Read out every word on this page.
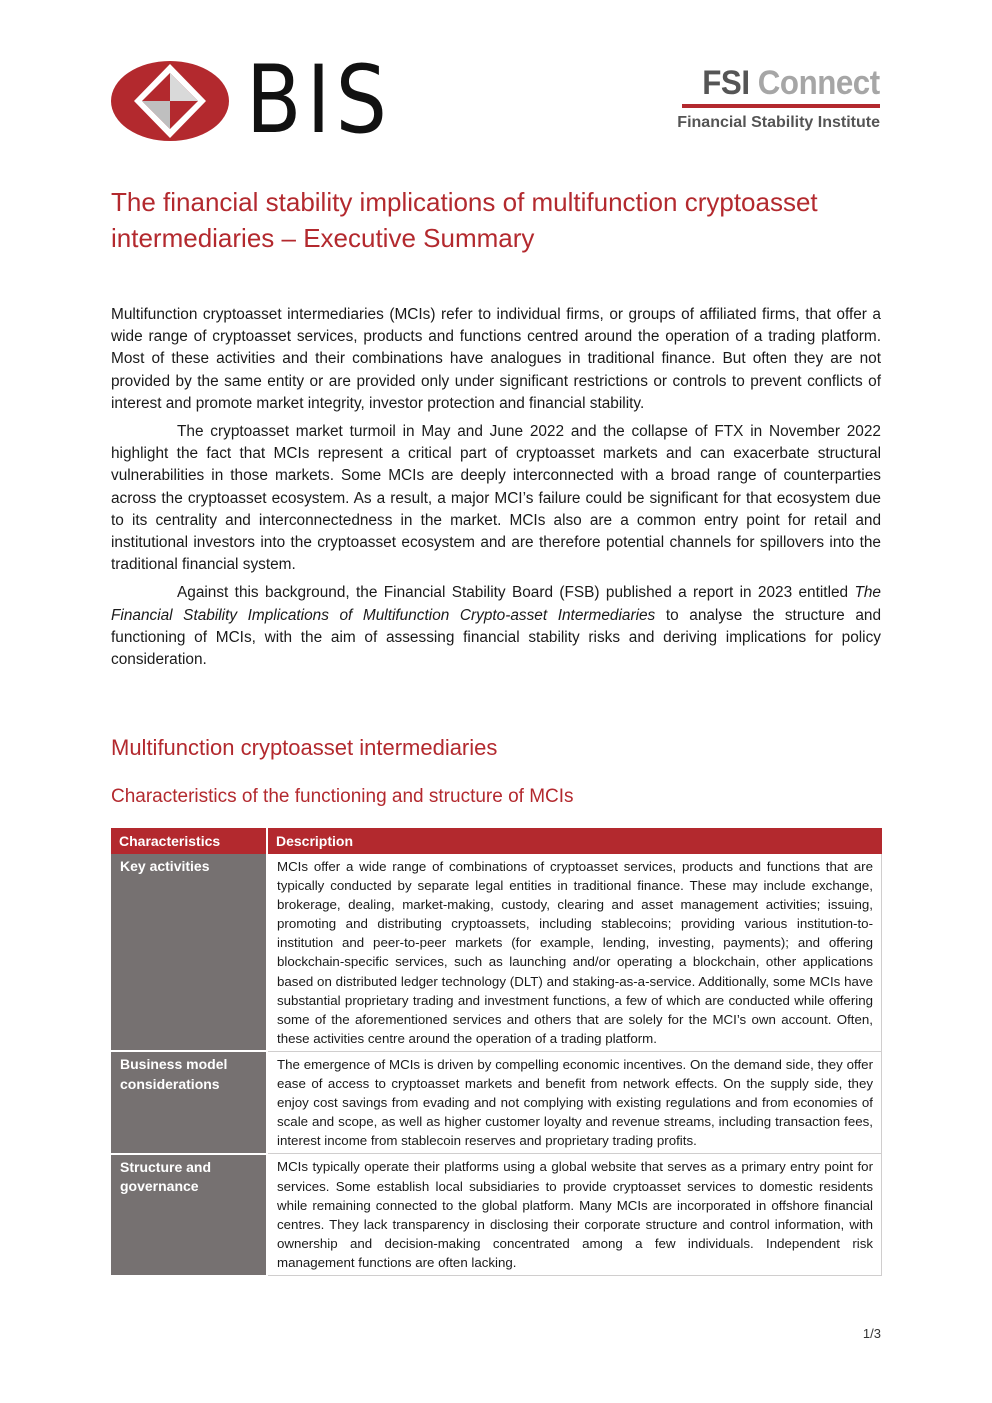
BIS	FSI Connect
Financial Stability Institute
The financial stability implications of multifunction cryptoasset intermediaries – Executive Summary

Multifunction cryptoasset intermediaries (MCIs) refer to individual firms, or groups of affiliated firms, that offer a wide range of cryptoasset services, products and functions centred around the operation of a trading platform. Most of these activities and their combinations have analogues in traditional finance. But often they are not provided by the same entity or are provided only under significant restrictions or controls to prevent conflicts of interest and promote market integrity, investor protection and financial stability.

The cryptoasset market turmoil in May and June 2022 and the collapse of FTX in November 2022 highlight the fact that MCIs represent a critical part of cryptoasset markets and can exacerbate structural vulnerabilities in those markets. Some MCIs are deeply interconnected with a broad range of counterparties across the cryptoasset ecosystem. As a result, a major MCI’s failure could be significant for that ecosystem due to its centrality and interconnectedness in the market. MCIs also are a common entry point for retail and institutional investors into the cryptoasset ecosystem and are therefore potential channels for spillovers into the traditional financial system.

Against this background, the Financial Stability Board (FSB) published a report in 2023 entitled The Financial Stability Implications of Multifunction Crypto-asset Intermediaries to analyse the structure and functioning of MCIs, with the aim of assessing financial stability risks and deriving implications for policy consideration.

Multifunction cryptoasset intermediaries
Characteristics of the functioning and structure of MCIs
Characteristics	Description
Key activities	MCIs offer a wide range of combinations of cryptoasset services, products and functions that are typically conducted by separate legal entities in traditional finance. These may include exchange, brokerage, dealing, market-making, custody, clearing and asset management activities; issuing, promoting and distributing cryptoassets, including stablecoins; providing various institution-to-institution and peer-to-peer markets (for example, lending, investing, payments); and offering blockchain-specific services, such as launching and/or operating a blockchain, other applications based on distributed ledger technology (DLT) and staking-as-a-service. Additionally, some MCIs have substantial proprietary trading and investment functions, a few of which are conducted while offering some of the aforementioned services and others that are solely for the MCI’s own account. Often, these activities centre around the operation of a trading platform.
Business model considerations	The emergence of MCIs is driven by compelling economic incentives. On the demand side, they offer ease of access to cryptoasset markets and benefit from network effects. On the supply side, they enjoy cost savings from evading and not complying with existing regulations and from economies of scale and scope, as well as higher customer loyalty and revenue streams, including transaction fees, interest income from stablecoin reserves and proprietary trading profits.
Structure and governance	MCIs typically operate their platforms using a global website that serves as a primary entry point for services. Some establish local subsidiaries to provide cryptoasset services to domestic residents while remaining connected to the global platform. Many MCIs are incorporated in offshore financial centres. They lack transparency in disclosing their corporate structure and control information, with ownership and decision-making concentrated among a few individuals. Independent risk management functions are often lacking.
1/3
